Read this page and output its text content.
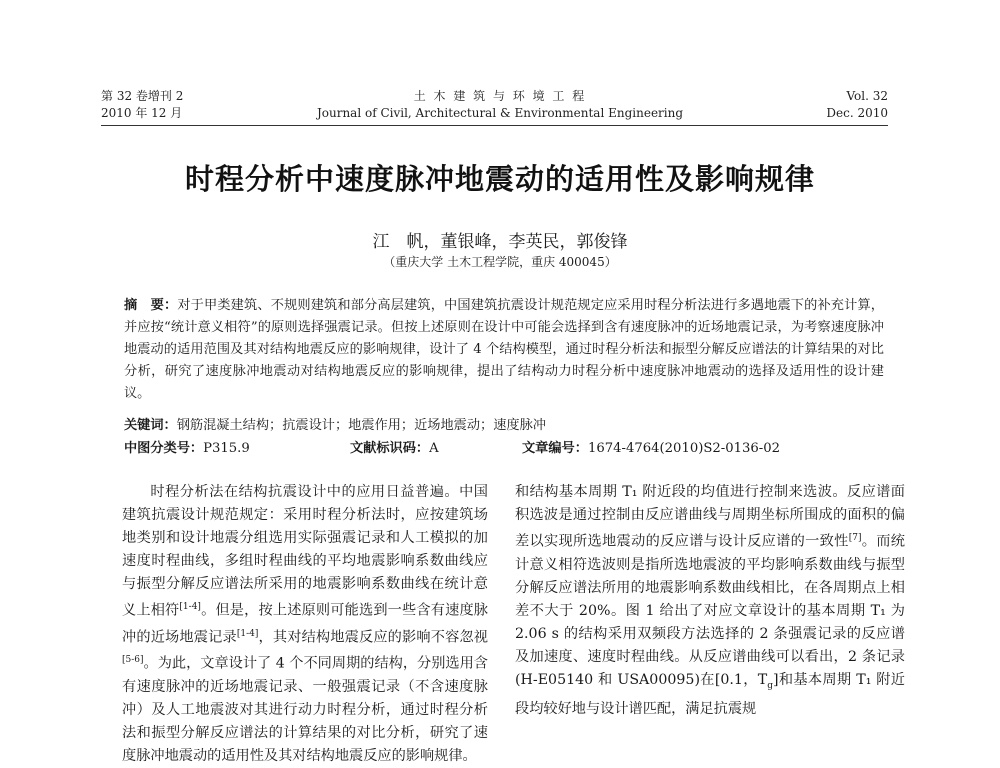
第 32 卷增刊 2
2010 年 12 月
土 木 建 筑 与 环 境 工 程
Journal of Civil, Architectural & Environmental Engineering
Vol. 32
Dec. 2010
时程分析中速度脉冲地震动的适用性及影响规律
江　帆，董银峰，李英民，郭俊锋
（重庆大学 土木工程学院，重庆 400045）
摘　要：对于甲类建筑、不规则建筑和部分高层建筑，中国建筑抗震设计规范规定应采用时程分析法进行多遇地震下的补充计算，并应按“统计意义相符”的原则选择强震记录。但按上述原则在设计中可能会选择到含有速度脉冲的近场地震记录，为考察速度脉冲地震动的适用范围及其对结构地震反应的影响规律，设计了 4 个结构模型，通过时程分析法和振型分解反应谱法的计算结果的对比分析，研究了速度脉冲地震动对结构地震反应的影响规律，提出了结构动力时程分析中速度脉冲地震动的选择及适用性的设计建议。
关键词：钢筋混凝土结构；抗震设计；地震作用；近场地震动；速度脉冲
中图分类号：P315.9	文献标识码：A	文章编号：1674-4764(2010)S2-0136-02

时程分析法在结构抗震设计中的应用日益普遍。中国建筑抗震设计规范规定：采用时程分析法时，应按建筑场地类别和设计地震分组选用实际强震记录和人工模拟的加速度时程曲线，多组时程曲线的平均地震影响系数曲线应与振型分解反应谱法所采用的地震影响系数曲线在统计意义上相符[1-4]。但是，按上述原则可能选到一些含有速度脉冲的近场地震记录[1-4]，其对结构地震反应的影响不容忽视[5-6]。为此，文章设计了 4 个不同周期的结构，分别选用含有速度脉冲的近场地震记录、一般强震记录（不含速度脉冲）及人工地震波对其进行动力时程分析，通过时程分析法和振型分解反应谱法的计算结果的对比分析，研究了速度脉冲地震动的适用性及其对结构地震反应的影响规律。

和结构基本周期 T₁ 附近段的均值进行控制来选波。反应谱面积选波是通过控制由反应谱曲线与周期坐标所围成的面积的偏差以实现所选地震动的反应谱与设计反应谱的一致性[7]。而统计意义相符选波则是指所选地震波的平均影响系数曲线与振型分解反应谱法所用的地震影响系数曲线相比，在各周期点上相差不大于 20%。图 1 给出了对应文章设计的基本周期 T₁ 为 2.06 s 的结构采用双频段方法选择的 2 条强震记录的反应谱及加速度、速度时程曲线。从反应谱曲线可以看出，2 条记录(H-E05140 和 USA00095)在[0.1，$T_g$]和基本周期 T₁ 附近段均较好地与设计谱匹配，满足抗震规
